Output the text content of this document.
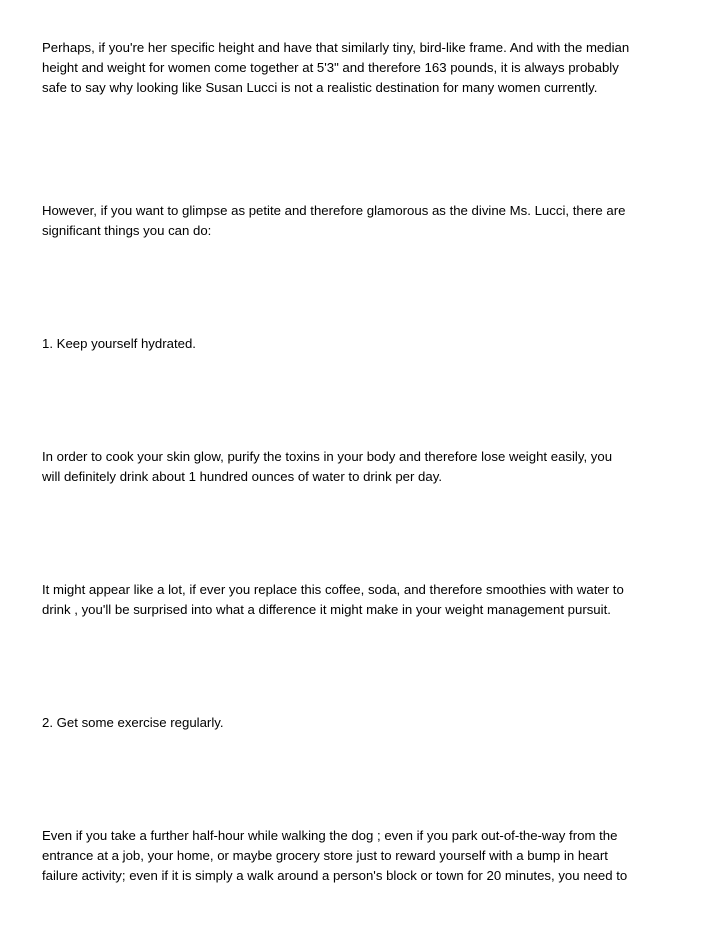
Perhaps, if you're her specific height and have that similarly tiny, bird-like frame. And with the median
height and weight for women come together at 5'3" and therefore 163 pounds, it is always probably
safe to say why looking like Susan Lucci is not a realistic destination for many women currently.

However, if you want to glimpse as petite and therefore glamorous as the divine Ms. Lucci, there are
significant things you can do:

1. Keep yourself hydrated.

In order to cook your skin glow, purify the toxins in your body and therefore lose weight easily, you
will definitely drink about 1 hundred ounces of water to drink per day.

It might appear like a lot, if ever you replace this coffee, soda, and therefore smoothies with water to
drink , you'll be surprised into what a difference it might make in your weight management pursuit.

2. Get some exercise regularly.

Even if you take a further half-hour while walking the dog ; even if you park out-of-the-way from the
entrance at a job, your home, or maybe grocery store just to reward yourself with a bump in heart
failure activity; even if it is simply a walk around a person's block or town for 20 minutes, you need to
